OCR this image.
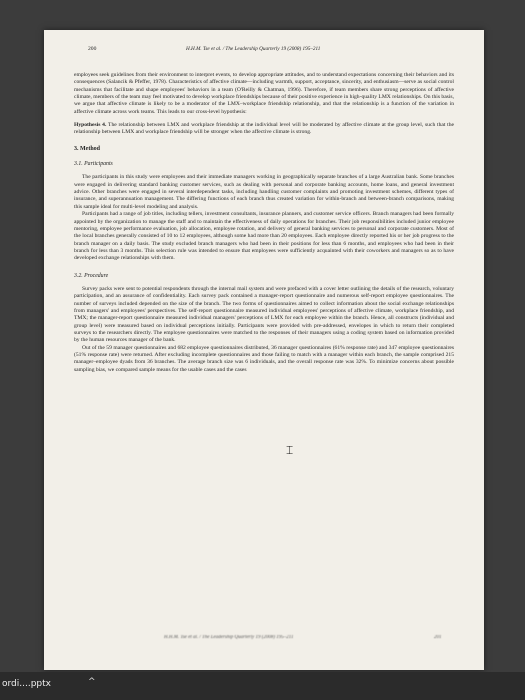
200	H.H.M. Tse et al. / The Leadership Quarterly 19 (2008) 195–211

employees seek guidelines from their environment to interpret events, to develop appropriate attitudes, and to understand expectations concerning their behaviors and its consequences (Salancik & Pfeffer, 1978). Characteristics of affective climate—including warmth, support, acceptance, sincerity, and enthusiasm—serve as social control mechanisms that facilitate and shape employees' behaviors in a team (O'Reilly & Chatman, 1996). Therefore, if team members share strong perceptions of affective climate, members of the team may feel motivated to develop workplace friendships because of their positive experience in high-quality LMX relationships. On this basis, we argue that affective climate is likely to be a moderator of the LMX–workplace friendship relationship, and that the relationship is a function of the variation in affective climate across work teams. This leads to our cross-level hypothesis:

Hypothesis 4. The relationship between LMX and workplace friendship at the individual level will be moderated by affective climate at the group level, such that the relationship between LMX and workplace friendship will be stronger when the affective climate is strong.

3. Method
3.1. Participants

The participants in this study were employees and their immediate managers working in geographically separate branches of a large Australian bank. Some branches were engaged in delivering standard banking customer services, such as dealing with personal and corporate banking accounts, home loans, and general investment advice. Other branches were engaged in several interdependent tasks, including handling customer complaints and promoting investment schemes, different types of insurance, and superannuation management. The differing functions of each branch thus created variation for within-branch and between-branch comparisons, making this sample ideal for multi-level modeling and analysis.

Participants had a range of job titles, including tellers, investment consultants, insurance planners, and customer service officers. Branch managers had been formally appointed by the organization to manage the staff and to maintain the effectiveness of daily operations for branches. Their job responsibilities included junior employee mentoring, employee performance evaluation, job allocation, employee rotation, and delivery of general banking services to personal and corporate customers. Most of the local branches generally consisted of 10 to 12 employees, although some had more than 20 employees. Each employee directly reported his or her job progress to the branch manager on a daily basis. The study excluded branch managers who had been in their positions for less than 6 months, and employees who had been in their branch for less than 3 months. This selection rule was intended to ensure that employees were sufficiently acquainted with their coworkers and managers so as to have developed exchange relationships with them.

3.2. Procedure

Survey packs were sent to potential respondents through the internal mail system and were prefaced with a cover letter outlining the details of the research, voluntary participation, and an assurance of confidentiality. Each survey pack contained a manager-report questionnaire and numerous self-report employee questionnaires. The number of surveys included depended on the size of the branch. The two forms of questionnaires aimed to collect information about the social exchange relationships from managers' and employees' perspectives. The self-report questionnaire measured individual employees' perceptions of affective climate, workplace friendship, and TMX; the manager-report questionnaire measured individual managers' perceptions of LMX for each employee within the branch. Hence, all constructs (individual and group level) were measured based on individual perceptions initially. Participants were provided with pre-addressed, envelopes in which to return their completed surveys to the researchers directly. The employee questionnaires were matched to the responses of their managers using a coding system based on information provided by the human resources manager of the bank.

Out of the 59 manager questionnaires and 682 employee questionnaires distributed, 36 manager questionnaires (61% response rate) and 347 employee questionnaires (51% response rate) were returned. After excluding incomplete questionnaires and those failing to match with a manager within each branch, the sample comprised 215 manager–employee dyads from 36 branches. The average branch size was 6 individuals, and the overall response rate was 32%. To minimize concerns about possible sampling bias, we compared sample means for the usable cases and the cases

H.H.M. Tse et al. / The Leadership Quarterly 19 (2008) 195–211	201
⌶
ordi....pptx	^
